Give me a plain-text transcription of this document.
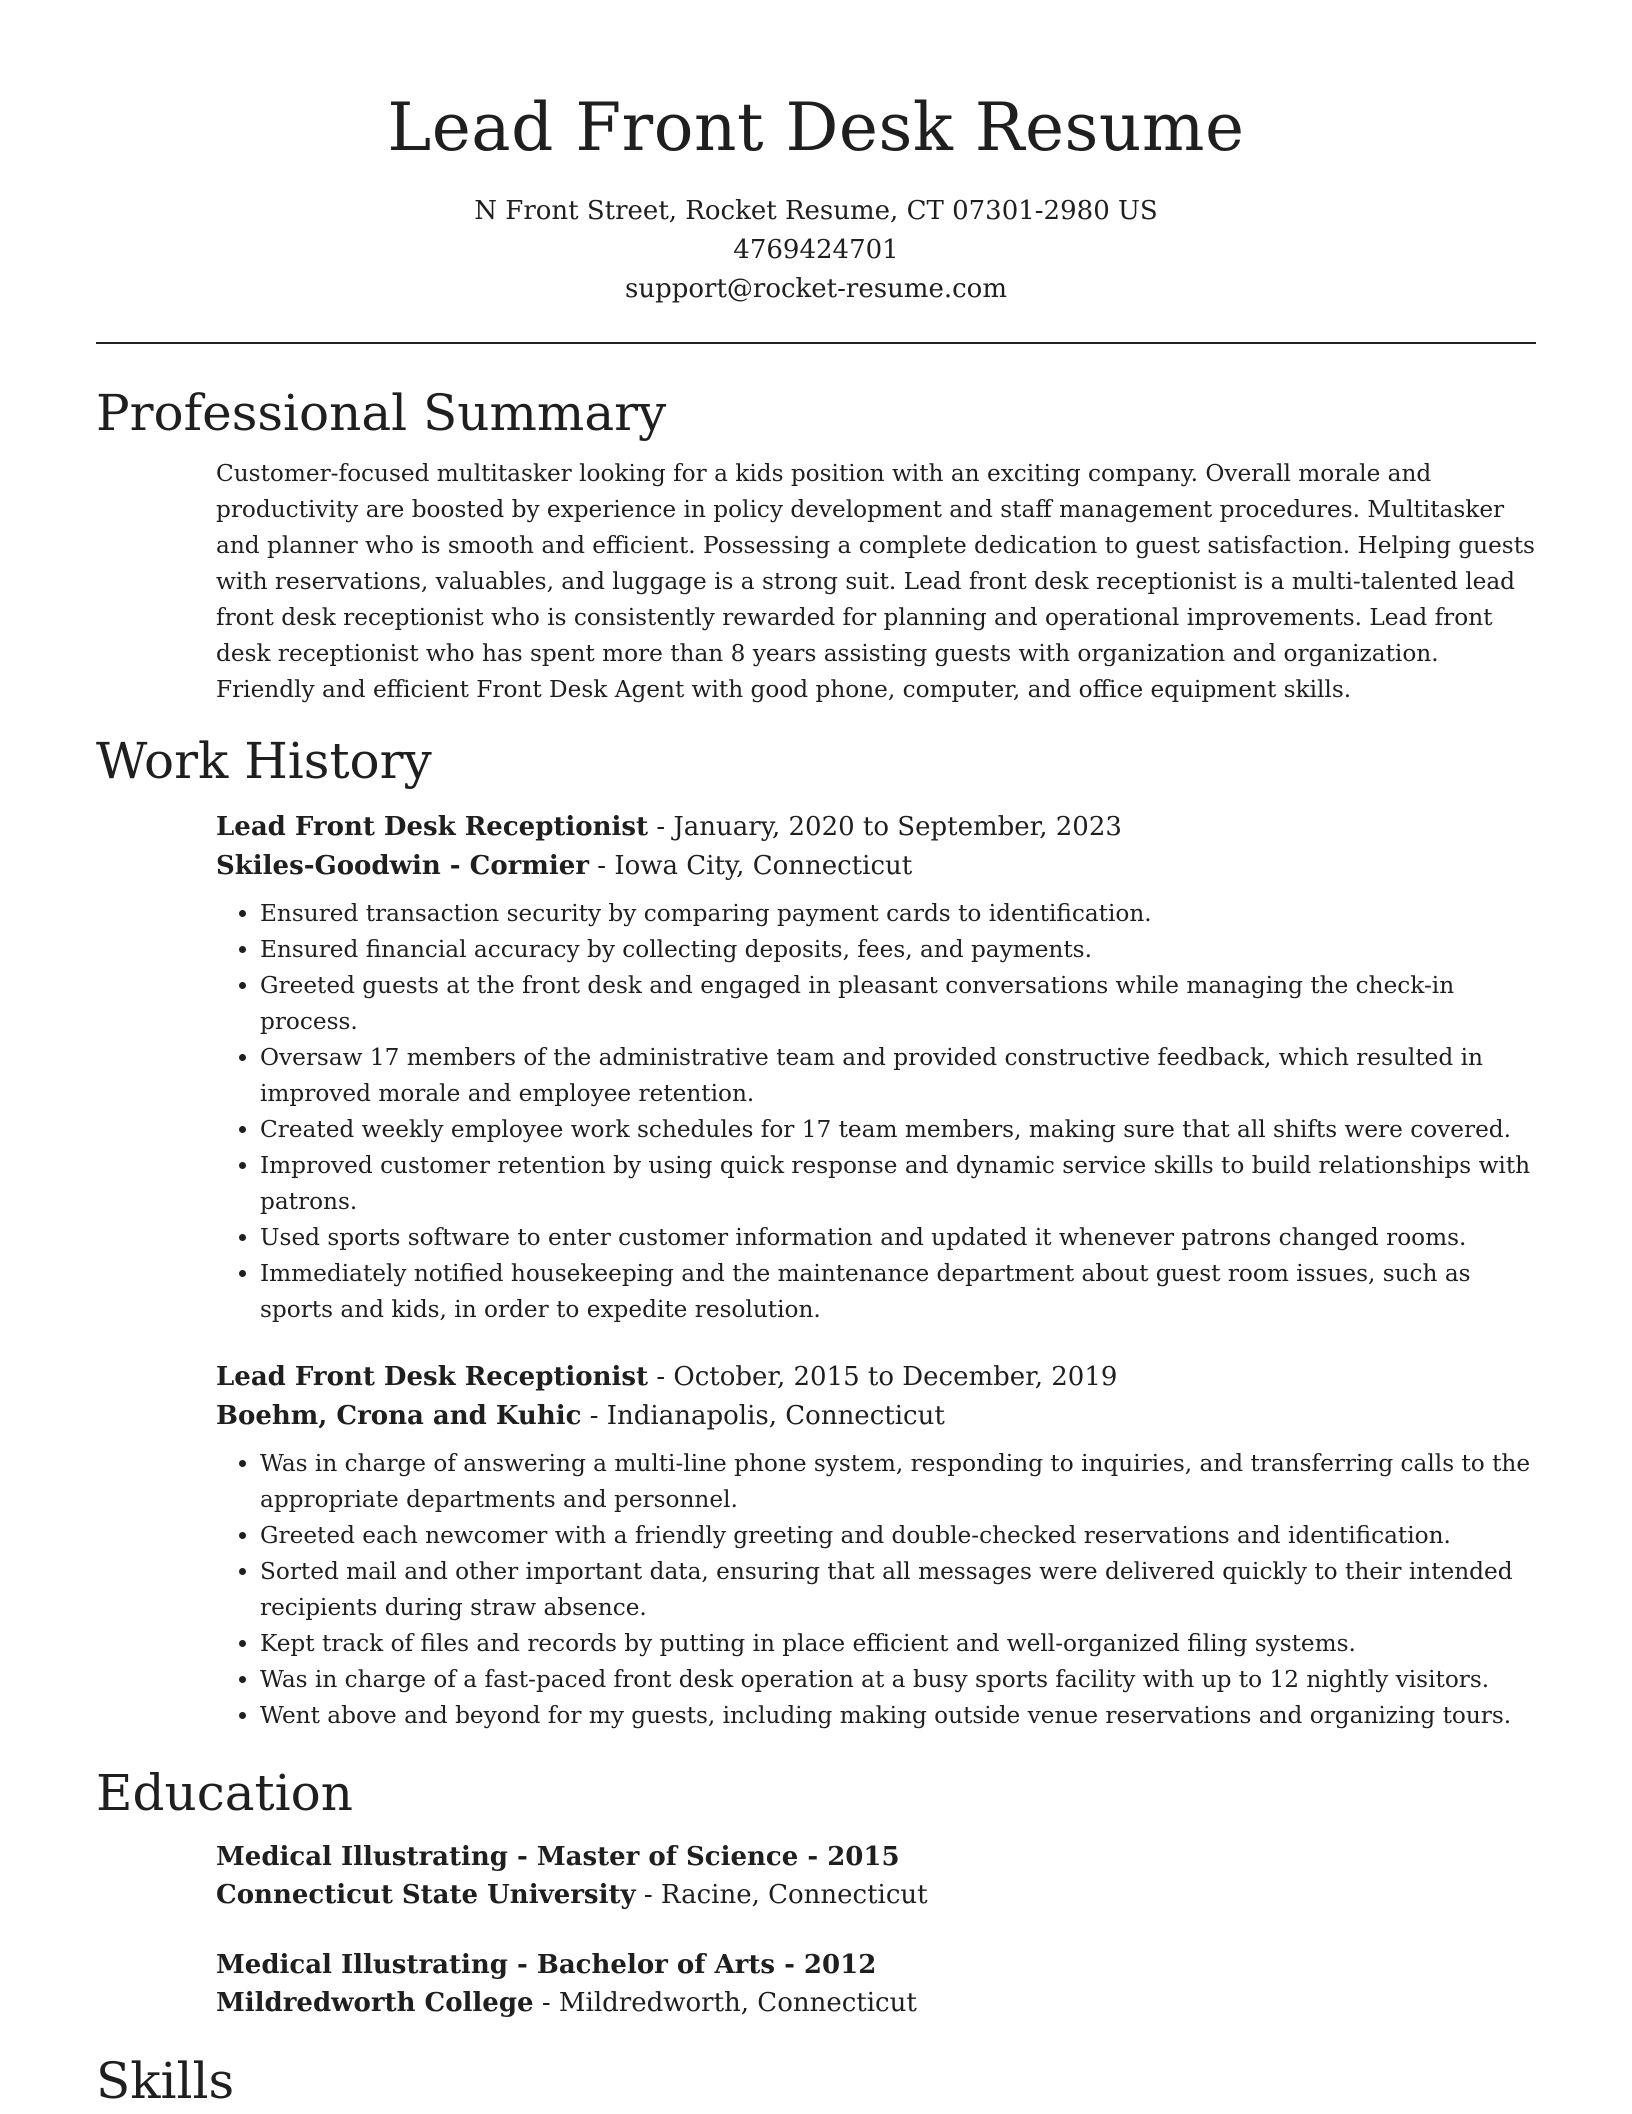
Lead Front Desk Resume
N Front Street, Rocket Resume, CT 07301-2980 US
4769424701
support@rocket-resume.com
Professional Summary

Customer-focused multitasker looking for a kids position with an exciting company. Overall morale and productivity are boosted by experience in policy development and staff management procedures. Multitasker and planner who is smooth and efficient. Possessing a complete dedication to guest satisfaction. Helping guests with reservations, valuables, and luggage is a strong suit. Lead front desk receptionist is a multi-talented lead front desk receptionist who is consistently rewarded for planning and operational improvements. Lead front desk receptionist who has spent more than 8 years assisting guests with organization and organization. Friendly and efficient Front Desk Agent with good phone, computer, and office equipment skills.

Work History
Lead Front Desk Receptionist - January, 2020 to September, 2023
Skiles-Goodwin - Cormier - Iowa City, Connecticut
• Ensured transaction security by comparing payment cards to identification.
• Ensured financial accuracy by collecting deposits, fees, and payments.
• Greeted guests at the front desk and engaged in pleasant conversations while managing the check-in process.
• Oversaw 17 members of the administrative team and provided constructive feedback, which resulted in improved morale and employee retention.
• Created weekly employee work schedules for 17 team members, making sure that all shifts were covered.
• Improved customer retention by using quick response and dynamic service skills to build relationships with patrons.
• Used sports software to enter customer information and updated it whenever patrons changed rooms.
• Immediately notified housekeeping and the maintenance department about guest room issues, such as sports and kids, in order to expedite resolution.
Lead Front Desk Receptionist - October, 2015 to December, 2019
Boehm, Crona and Kuhic - Indianapolis, Connecticut
• Was in charge of answering a multi-line phone system, responding to inquiries, and transferring calls to the appropriate departments and personnel.
• Greeted each newcomer with a friendly greeting and double-checked reservations and identification.
• Sorted mail and other important data, ensuring that all messages were delivered quickly to their intended recipients during straw absence.
• Kept track of files and records by putting in place efficient and well-organized filing systems.
• Was in charge of a fast-paced front desk operation at a busy sports facility with up to 12 nightly visitors.
• Went above and beyond for my guests, including making outside venue reservations and organizing tours.
Education
Medical Illustrating - Master of Science - 2015
Connecticut State University - Racine, Connecticut
Medical Illustrating - Bachelor of Arts - 2012
Mildredworth College - Mildredworth, Connecticut
Skills
